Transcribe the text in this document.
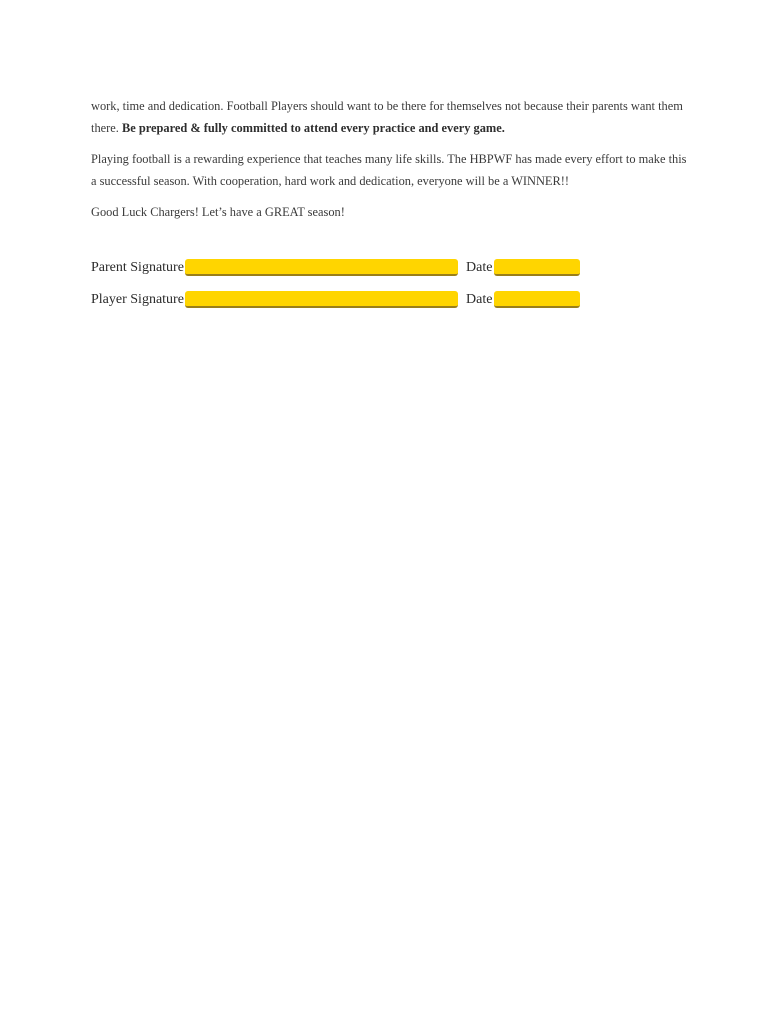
work, time and dedication. Football Players should want to be there for themselves not because their parents want them there. Be prepared & fully committed to attend every practice and every game.

Playing football is a rewarding experience that teaches many life skills. The HBPWF has made every effort to make this a successful season. With cooperation, hard work and dedication, everyone will be a WINNER!!

Good Luck Chargers! Let’s have a GREAT season!

Parent Signature	Date
Player Signature	Date
